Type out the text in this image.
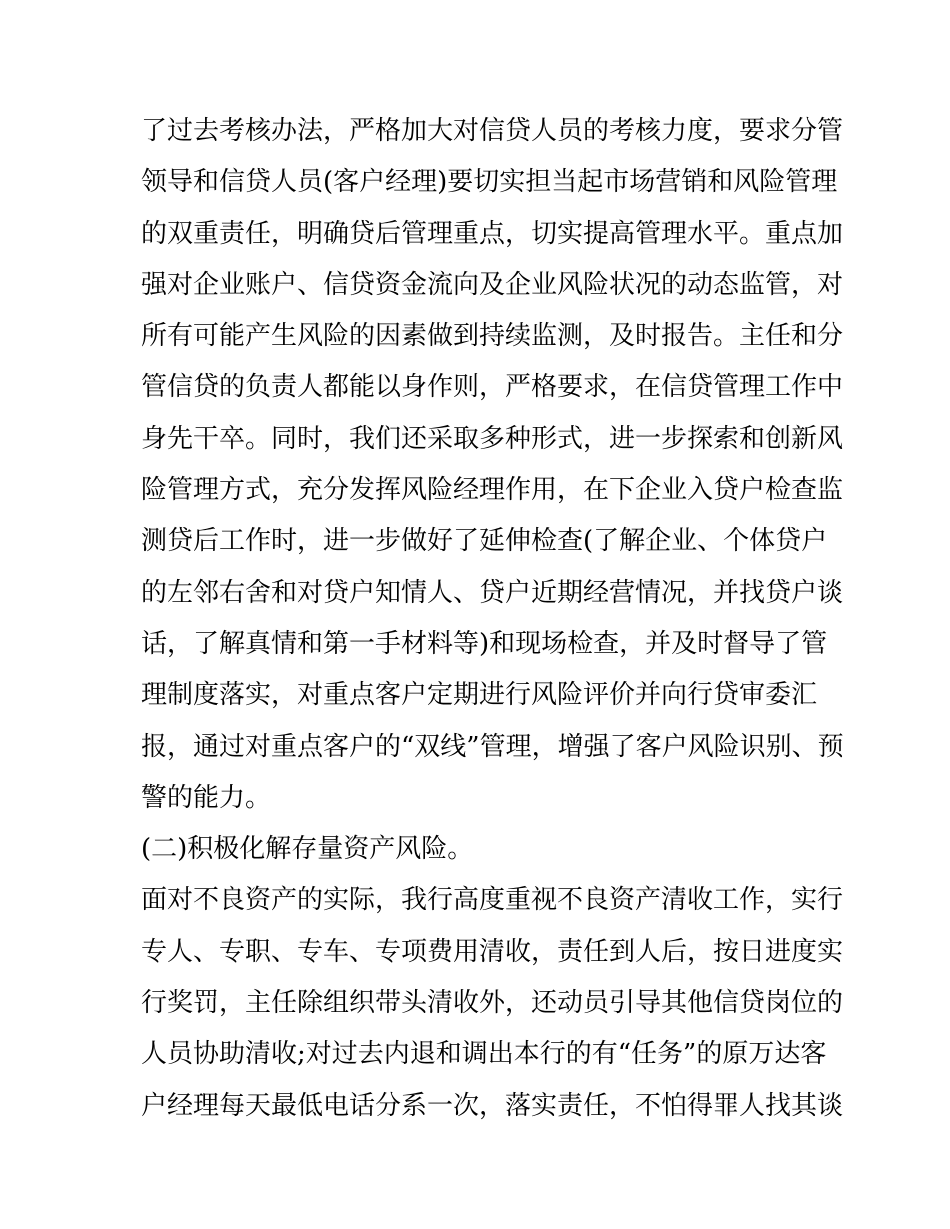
了过去考核办法，严格加大对信贷人员的考核力度，要求分管
领导和信贷人员(客户经理)要切实担当起市场营销和风险管理
的双重责任，明确贷后管理重点，切实提高管理水平。重点加
强对企业账户、信贷资金流向及企业风险状况的动态监管，对
所有可能产生风险的因素做到持续监测，及时报告。主任和分
管信贷的负责人都能以身作则，严格要求，在信贷管理工作中
身先干卒。同时，我们还采取多种形式，进一步探索和创新风
险管理方式，充分发挥风险经理作用，在下企业入贷户检查监
测贷后工作时，进一步做好了延伸检查(了解企业、个体贷户
的左邻右舍和对贷户知情人、贷户近期经营情况，并找贷户谈
话，了解真情和第一手材料等)和现场检查，并及时督导了管
理制度落实，对重点客户定期进行风险评价并向行贷审委汇
报，通过对重点客户的“双线”管理，增强了客户风险识别、预
警的能力。
(二)积极化解存量资产风险。
面对不良资产的实际，我行高度重视不良资产清收工作，实行
专人、专职、专车、专项费用清收，责任到人后，按日进度实
行奖罚，主任除组织带头清收外，还动员引导其他信贷岗位的
人员协助清收;对过去内退和调出本行的有“任务”的原万达客
户经理每天最低电话分系一次，落实责任，不怕得罪人找其谈
